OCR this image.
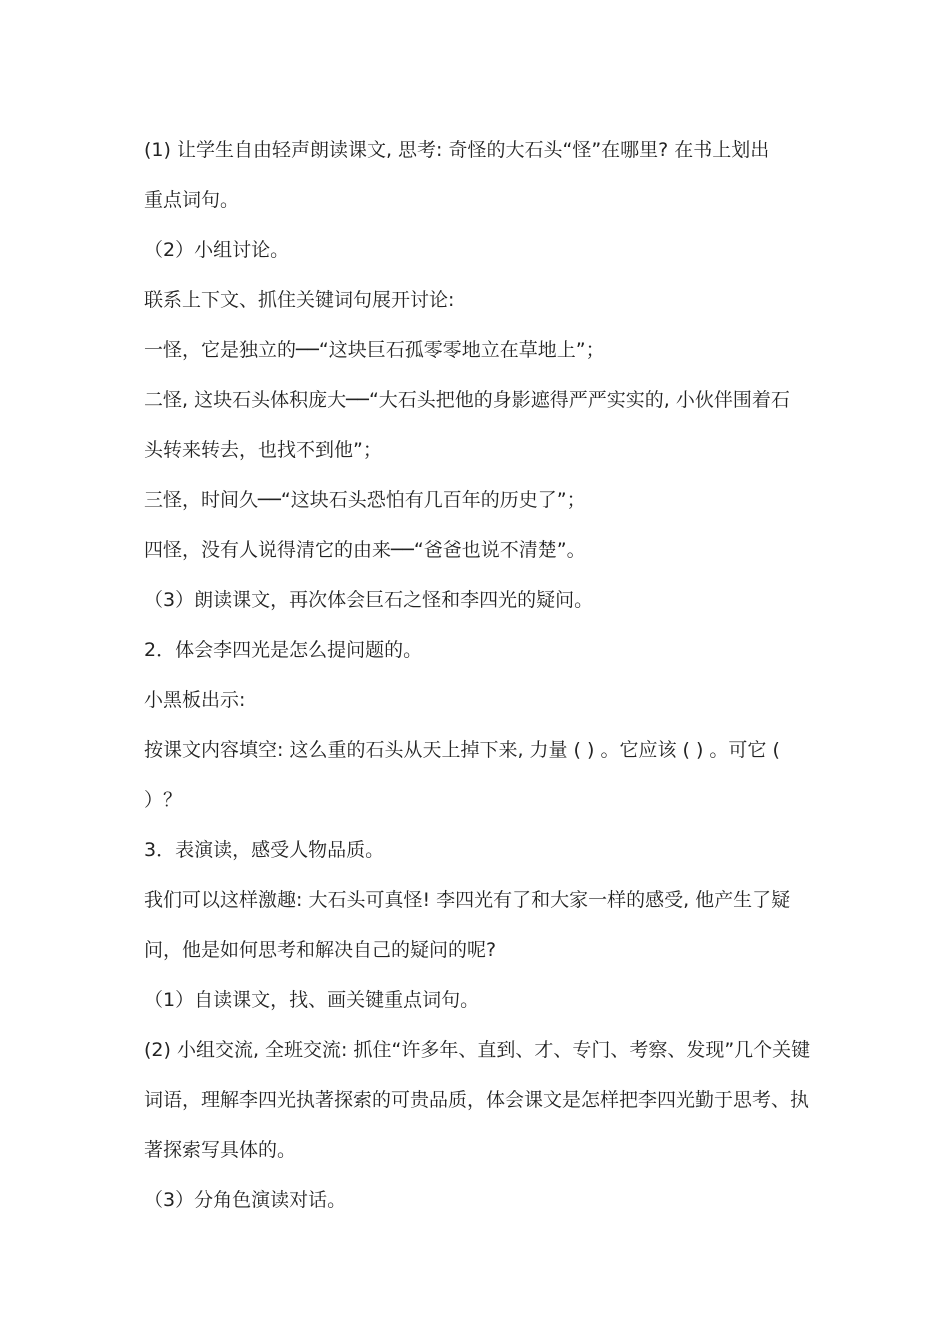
(1) 让学生自由轻声朗读课文, 思考: 奇怪的大石头“怪”在哪里? 在书上划出
重点词句。
（2）小组讨论。
联系上下文、抓住关键词句展开讨论:
一怪，它是独立的──“这块巨石孤零零地立在草地上”；
二怪, 这块石头体积庞大──“大石头把他的身影遮得严严实实的, 小伙伴围着石
头转来转去，也找不到他”；
三怪，时间久──“这块石头恐怕有几百年的历史了”；
四怪，没有人说得清它的由来──“爸爸也说不清楚”。
（3）朗读课文，再次体会巨石之怪和李四光的疑问。
2．体会李四光是怎么提问题的。
小黑板出示:
按课文内容填空: 这么重的石头从天上掉下来, 力量 ( ) 。它应该 ( ) 。可它 (
）？
3．表演读，感受人物品质。
我们可以这样激趣: 大石头可真怪! 李四光有了和大家一样的感受, 他产生了疑
问，他是如何思考和解决自己的疑问的呢?
（1）自读课文，找、画关键重点词句。
(2) 小组交流, 全班交流: 抓住“许多年、直到、才、专门、考察、发现”几个关键
词语，理解李四光执著探索的可贵品质，体会课文是怎样把李四光勤于思考、执
著探索写具体的。
（3）分角色演读对话。
